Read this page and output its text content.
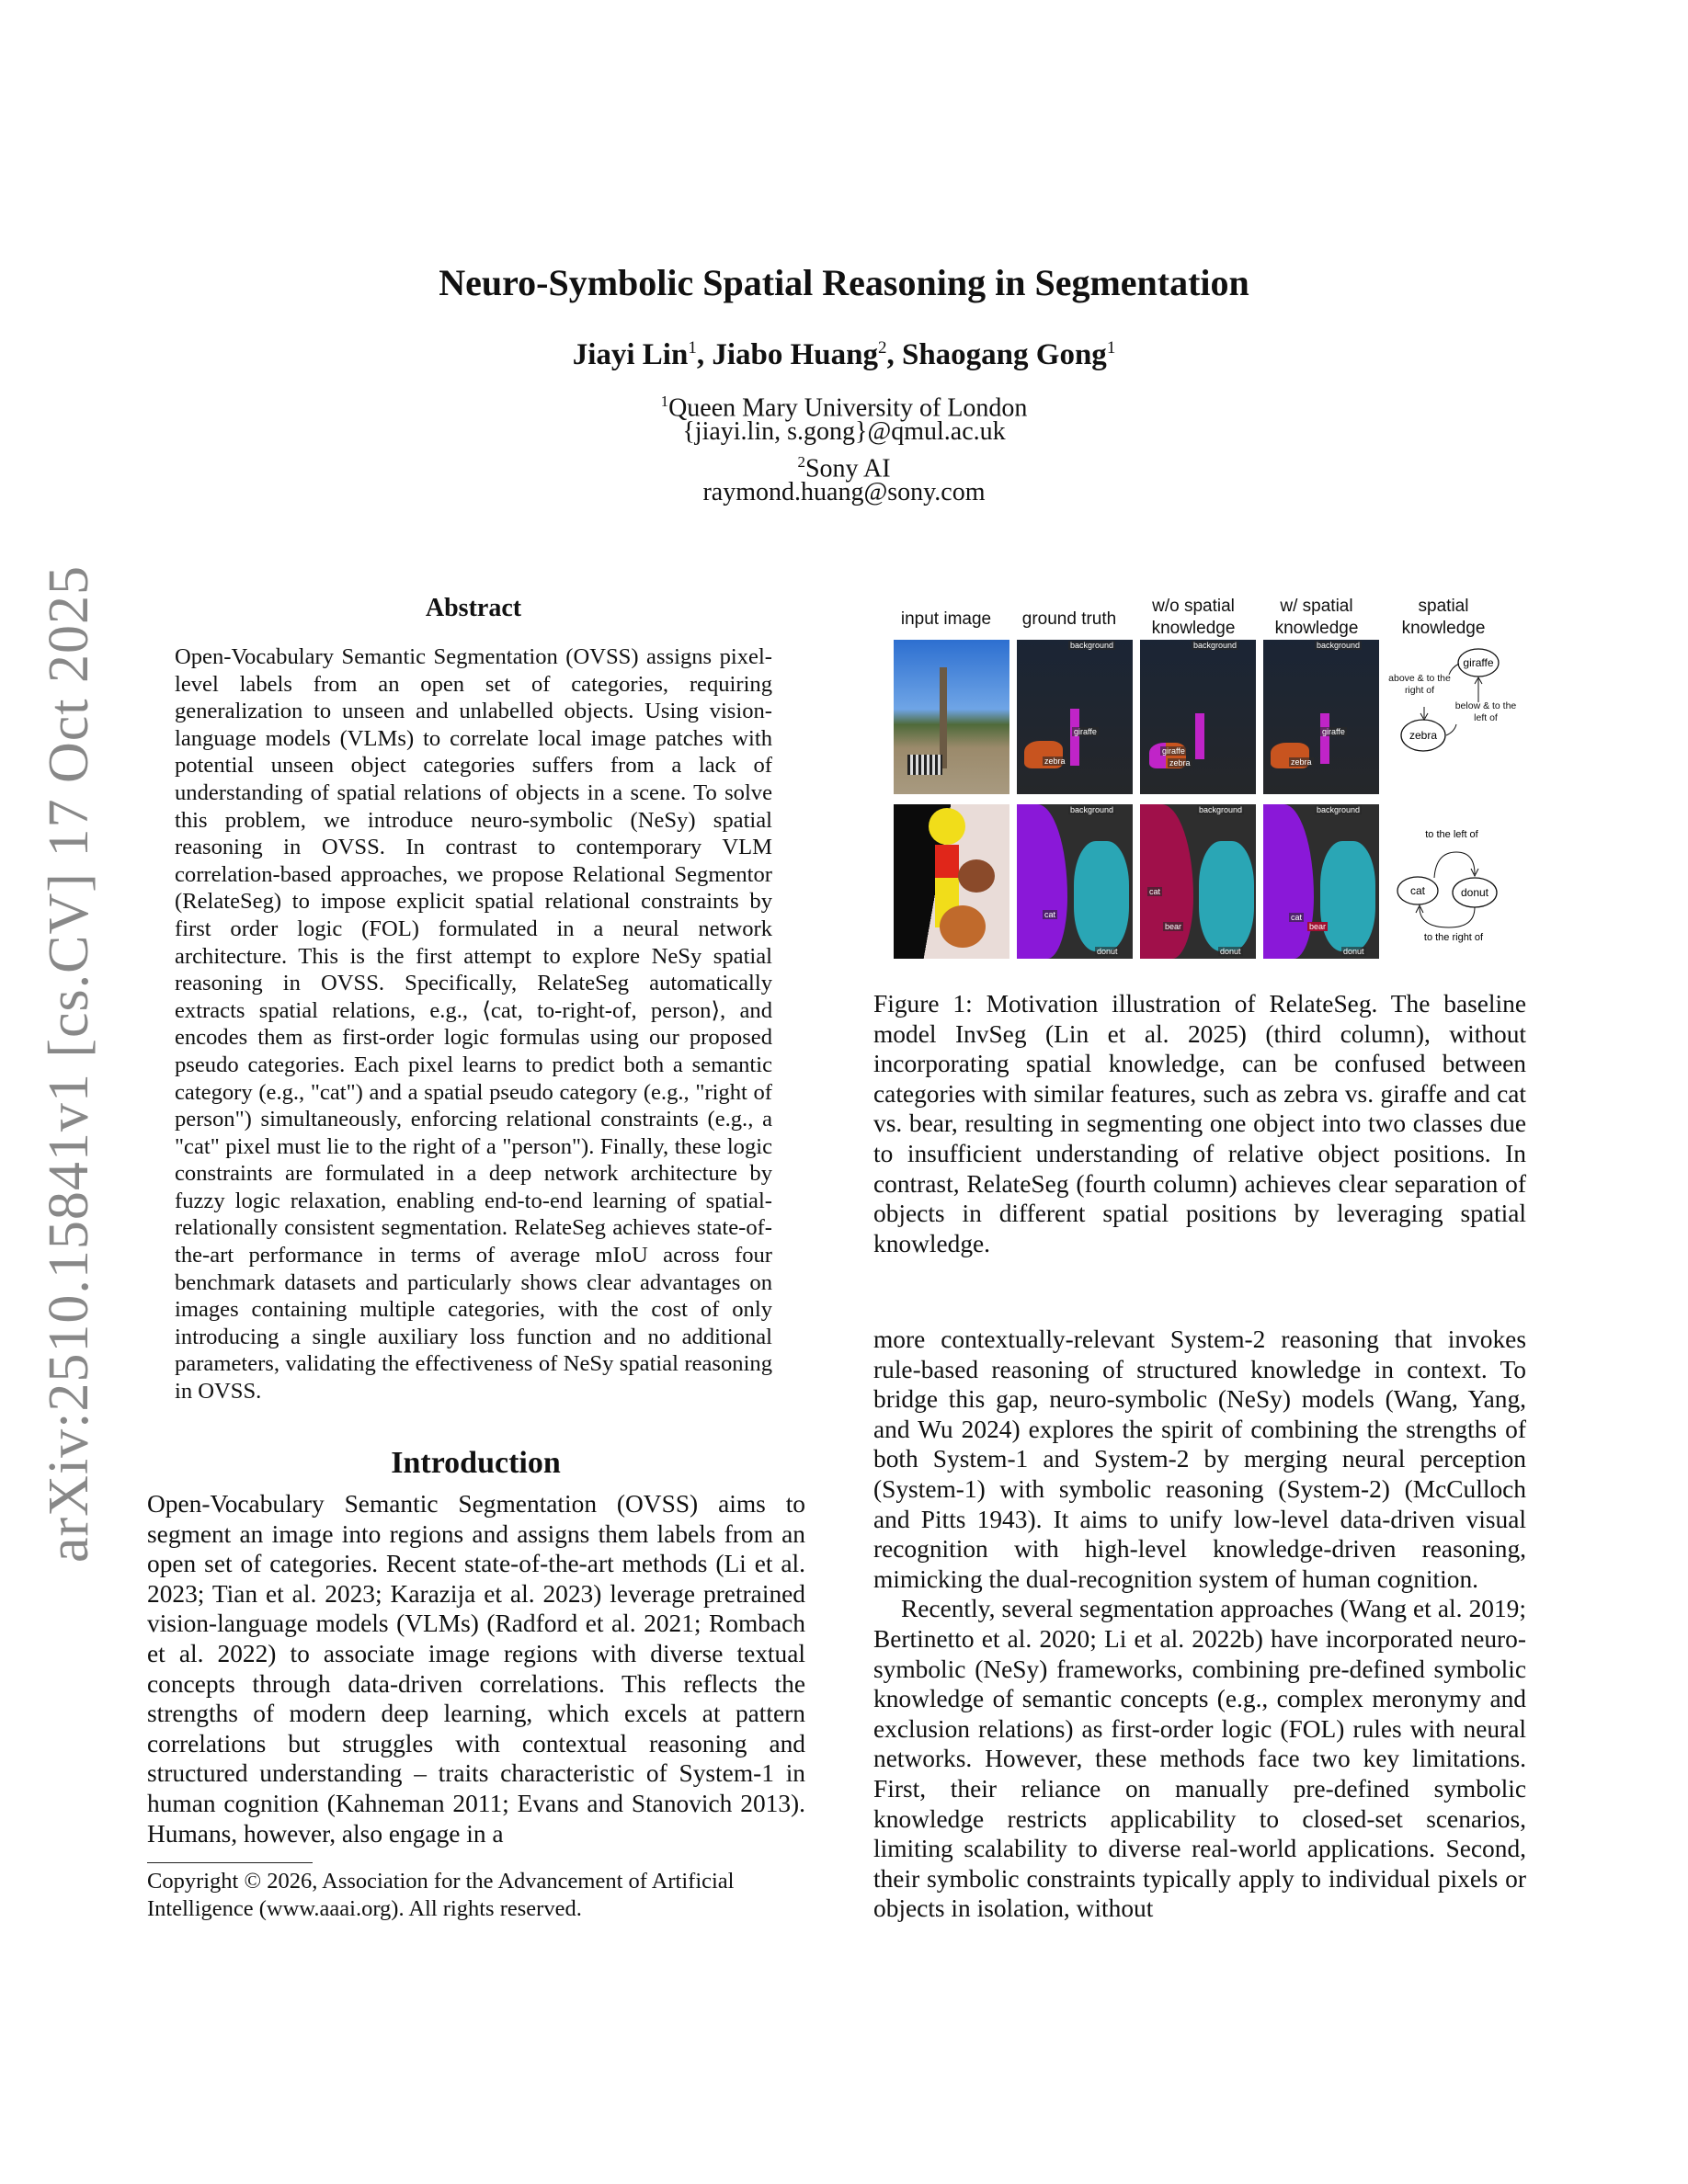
arXiv:2510.15841v1 [cs.CV] 17 Oct 2025
Neuro-Symbolic Spatial Reasoning in Segmentation
Jiayi Lin$^1$, Jiabo Huang$^2$, Shaogang Gong$^1$
$^1$Queen Mary University of London
{jiayi.lin, s.gong}@qmul.ac.uk
$^2$Sony AI
raymond.huang@sony.com
Abstract
Open-Vocabulary Semantic Segmentation (OVSS) assigns pixel-level labels from an open set of categories, requiring generalization to unseen and unlabelled objects. Using vision-language models (VLMs) to correlate local image patches with potential unseen object categories suffers from a lack of understanding of spatial relations of objects in a scene. To solve this problem, we introduce neuro-symbolic (NeSy) spatial reasoning in OVSS. In contrast to contemporary VLM correlation-based approaches, we propose Relational Segmentor (RelateSeg) to impose explicit spatial relational constraints by first order logic (FOL) formulated in a neural network architecture. This is the first attempt to explore NeSy spatial reasoning in OVSS. Specifically, RelateSeg automatically extracts spatial relations, e.g., ⟨cat, to-right-of, person⟩, and encodes them as first-order logic formulas using our proposed pseudo categories. Each pixel learns to predict both a semantic category (e.g., "cat") and a spatial pseudo category (e.g., "right of person") simultaneously, enforcing relational constraints (e.g., a "cat" pixel must lie to the right of a "person"). Finally, these logic constraints are formulated in a deep network architecture by fuzzy logic relaxation, enabling end-to-end learning of spatial-relationally consistent segmentation. RelateSeg achieves state-of-the-art performance in terms of average mIoU across four benchmark datasets and particularly shows clear advantages on images containing multiple categories, with the cost of only introducing a single auxiliary loss function and no additional parameters, validating the effectiveness of NeSy spatial reasoning in OVSS.
Introduction
Open-Vocabulary Semantic Segmentation (OVSS) aims to segment an image into regions and assigns them labels from an open set of categories. Recent state-of-the-art methods (Li et al. 2023; Tian et al. 2023; Karazija et al. 2023) leverage pretrained vision-language models (VLMs) (Radford et al. 2021; Rombach et al. 2022) to associate image regions with diverse textual concepts through data-driven correlations. This reflects the strengths of modern deep learning, which excels at pattern correlations but struggles with contextual reasoning and structured understanding – traits characteristic of System-1 in human cognition (Kahneman 2011; Evans and Stanovich 2013). Humans, however, also engage in a
Copyright © 2026, Association for the Advancement of Artificial Intelligence (www.aaai.org). All rights reserved.
input image	ground truth
w/o spatial knowledge
w/ spatial knowledge
spatial knowledge
background
giraffe
zebra
background
giraffe
zebra
background
giraffe
zebra
background
cat
donut
background
cat
bear
donut
background
cat
bear
donut
giraffe
zebra
above & to the right of
below & to the left of
to the left of
to the right of
cat	donut
Figure 1: Motivation illustration of RelateSeg. The baseline model InvSeg (Lin et al. 2025) (third column), without incorporating spatial knowledge, can be confused between categories with similar features, such as zebra vs. giraffe and cat vs. bear, resulting in segmenting one object into two classes due to insufficient understanding of relative object positions. In contrast, RelateSeg (fourth column) achieves clear separation of objects in different spatial positions by leveraging spatial knowledge.

more contextually-relevant System-2 reasoning that invokes rule-based reasoning of structured knowledge in context. To bridge this gap, neuro-symbolic (NeSy) models (Wang, Yang, and Wu 2024) explores the spirit of combining the strengths of both System-1 and System-2 by merging neural perception (System-1) with symbolic reasoning (System-2) (McCulloch and Pitts 1943). It aims to unify low-level data-driven visual recognition with high-level knowledge-driven reasoning, mimicking the dual-recognition system of human cognition.

Recently, several segmentation approaches (Wang et al. 2019; Bertinetto et al. 2020; Li et al. 2022b) have incorporated neuro-symbolic (NeSy) frameworks, combining pre-defined symbolic knowledge of semantic concepts (e.g., complex meronymy and exclusion relations) as first-order logic (FOL) rules with neural networks. However, these methods face two key limitations. First, their reliance on manually pre-defined symbolic knowledge restricts applicability to closed-set scenarios, limiting scalability to diverse real-world applications. Second, their symbolic constraints typically apply to individual pixels or objects in isolation, without
